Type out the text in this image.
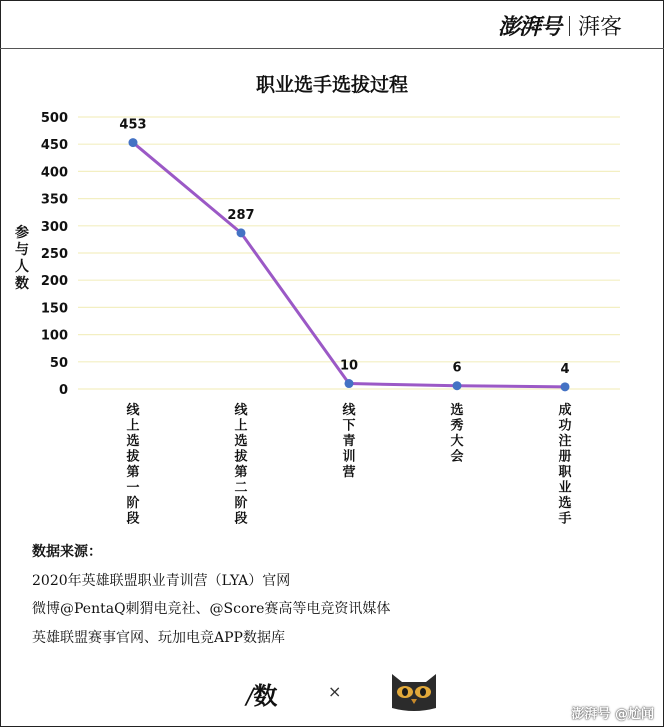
澎湃号 湃客
职业选手选拔过程
参
与
人
数
0
50
100
150
200
250
300
350
400
450
500
线
上
选
拔
第
一
阶
段
线
上
选
拔
第
二
阶
段
线
下
青
训
营
选
秀
大
会
成
功
注
册
职
业
选
手
453
287
10	6	4
数据来源：
2020年英雄联盟职业青训营（LYA）官网
微博@PentaQ刺猬电竞社、@Score赛高等电竞资讯媒体
英雄联盟赛事官网、玩加电竞APP数据库
/数	×
澎湃号 @尬闻
